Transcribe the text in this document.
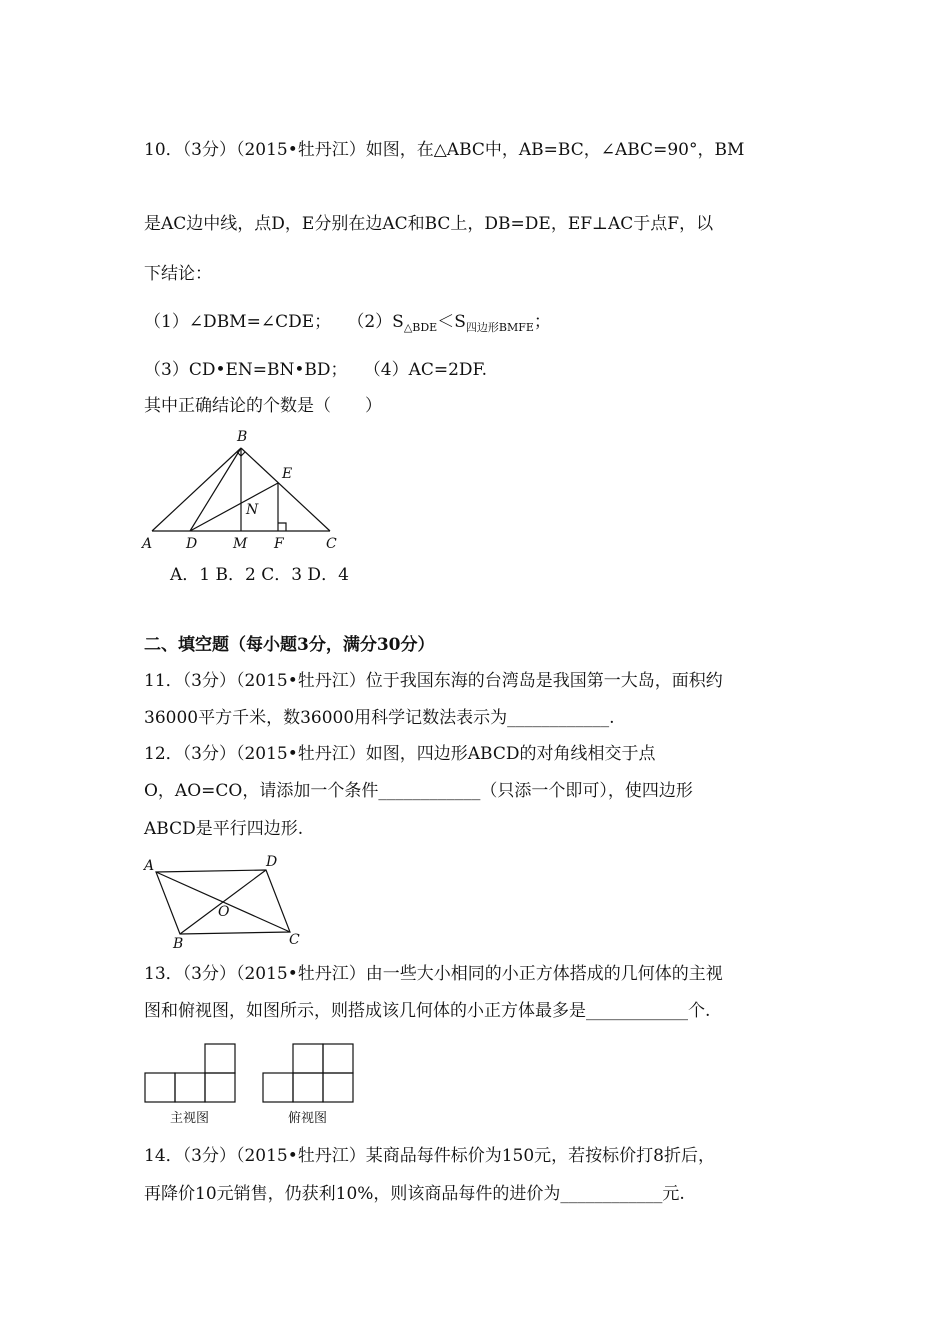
10．（3分）（2015•牡丹江）如图，在△ABC中，AB=BC，∠ABC=90°，BM
是AC边中线，点D，E分别在边AC和BC上，DB=DE，EF⊥AC于点F，以
下结论：
（1）∠DBM=∠CDE； $(2)S_{\triangle BDE}<S_{四边形BMFE}$；
（3）CD•EN=BN•BD； （4）AC=2DF.
其中正确结论的个数是（　　）
B
E
N
A D	M F	C
A．1 B．2 C．3 D．4
二、填空题（每小题3分，满分30分）
11．（3分）（2015•牡丹江）位于我国东海的台湾岛是我国第一大岛，面积约
36000平方千米，数36000用科学记数法表示为____________.
12．（3分）（2015•牡丹江）如图，四边形ABCD的对角线相交于点
O，AO=CO，请添加一个条件____________（只添一个即可），使四边形
ABCD是平行四边形.
A	D
O
B	C
13．（3分）（2015•牡丹江）由一些大小相同的小正方体搭成的几何体的主视
图和俯视图，如图所示，则搭成该几何体的小正方体最多是____________个.
主视图	俯视图
14．（3分）（2015•牡丹江）某商品每件标价为150元，若按标价打8折后，
再降价10元销售，仍获利10%，则该商品每件的进价为____________元.
